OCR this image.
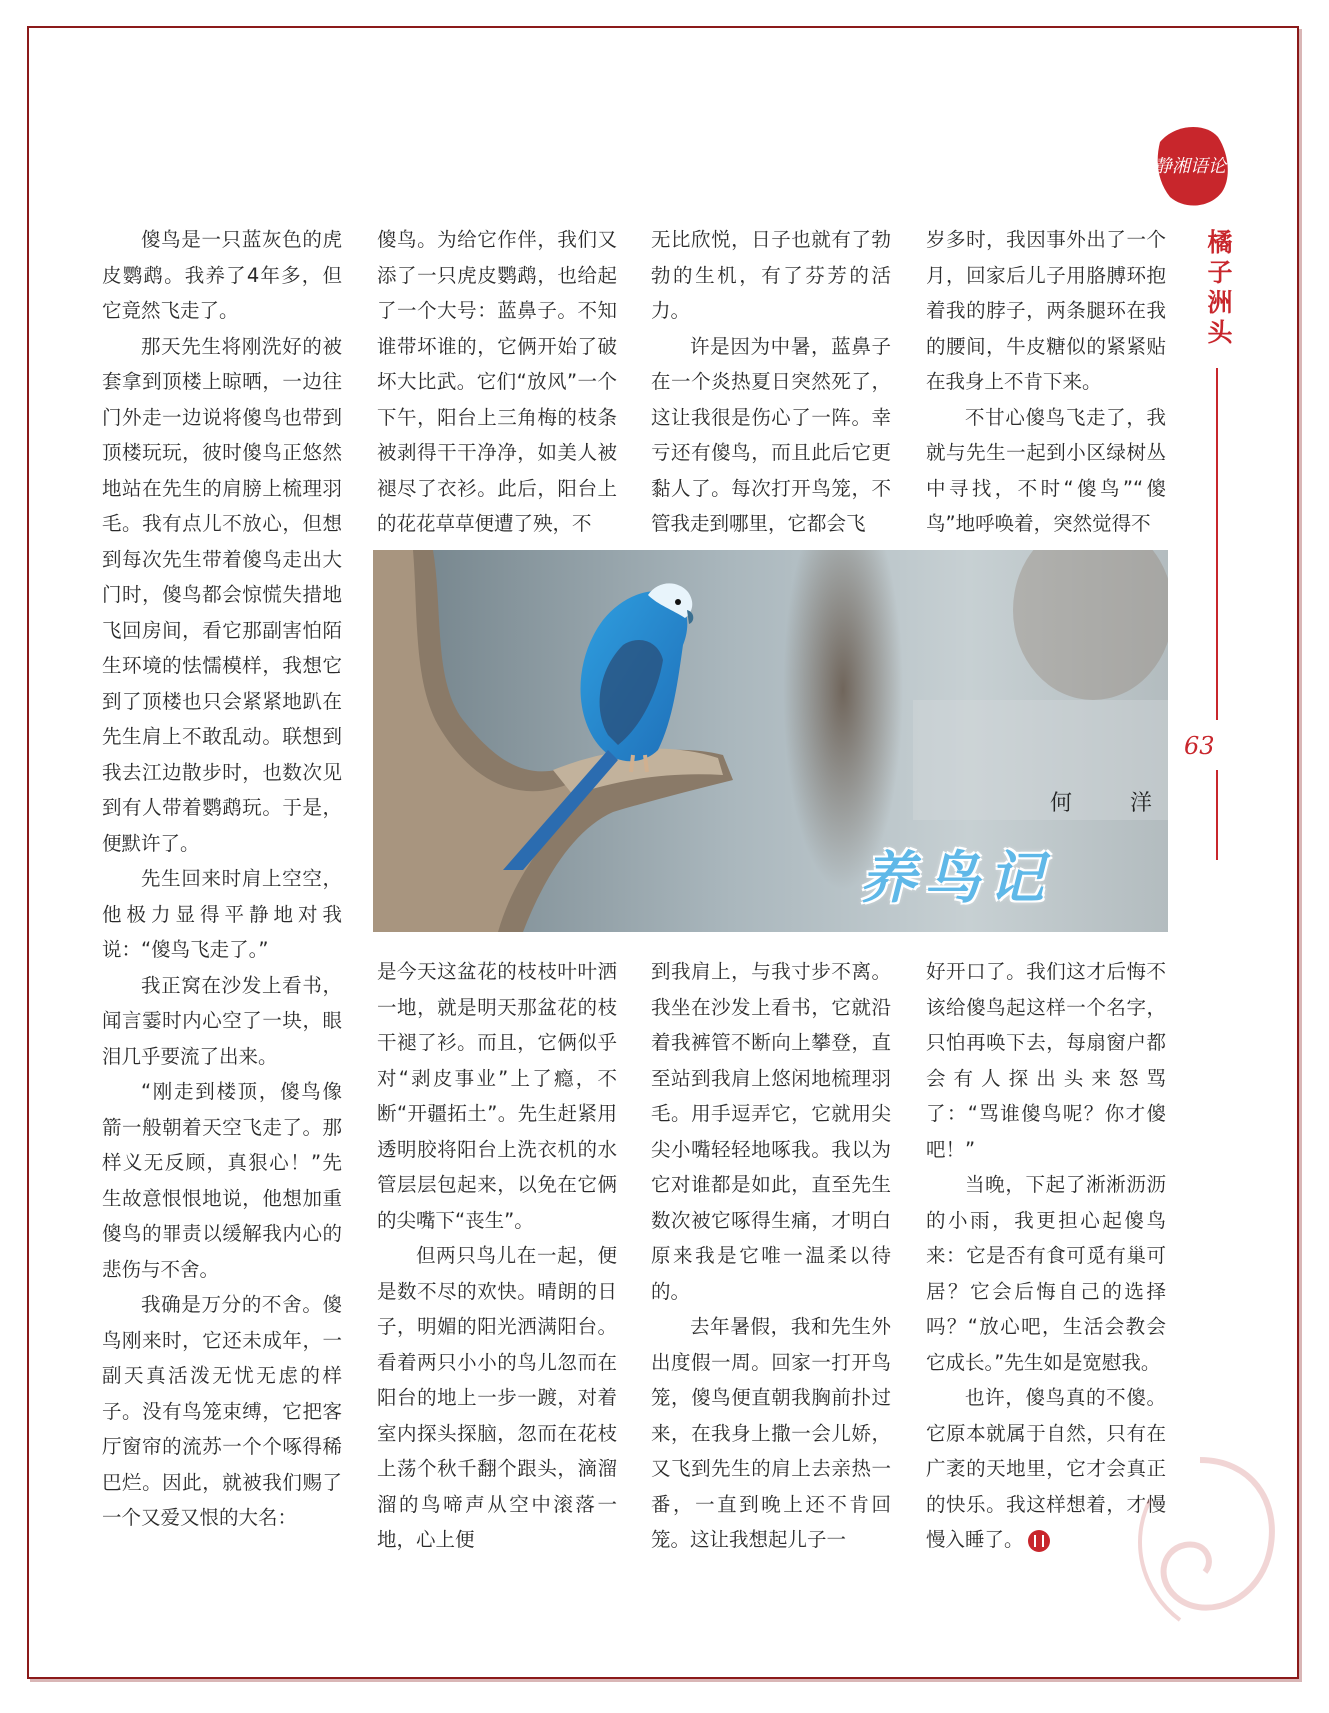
傻鸟是一只蓝灰色的虎皮鹦鹉。我养了4年多，但它竟然飞走了。

那天先生将刚洗好的被套拿到顶楼上晾晒，一边往门外走一边说将傻鸟也带到顶楼玩玩，彼时傻鸟正悠然地站在先生的肩膀上梳理羽毛。我有点儿不放心，但想到每次先生带着傻鸟走出大门时，傻鸟都会惊慌失措地飞回房间，看它那副害怕陌生环境的怯懦模样，我想它到了顶楼也只会紧紧地趴在先生肩上不敢乱动。联想到我去江边散步时，也数次见到有人带着鹦鹉玩。于是，便默许了。

先生回来时肩上空空，他极力显得平静地对我说：“傻鸟飞走了。”

我正窝在沙发上看书，闻言霎时内心空了一块，眼泪几乎要流了出来。

“刚走到楼顶，傻鸟像箭一般朝着天空飞走了。那样义无反顾，真狠心！”先生故意恨恨地说，他想加重傻鸟的罪责以缓解我内心的悲伤与不舍。

我确是万分的不舍。傻鸟刚来时，它还未成年，一副天真活泼无忧无虑的样子。没有鸟笼束缚，它把客厅窗帘的流苏一个个啄得稀巴烂。因此，就被我们赐了一个又爱又恨的大名：

傻鸟。为给它作伴，我们又添了一只虎皮鹦鹉，也给起了一个大号：蓝鼻子。不知谁带坏谁的，它俩开始了破坏大比武。它们“放风”一个下午，阳台上三角梅的枝条被剥得干干净净，如美人被褪尽了衣衫。此后，阳台上的花花草草便遭了殃，不

是今天这盆花的枝枝叶叶洒一地，就是明天那盆花的枝干褪了衫。而且，它俩似乎对“剥皮事业”上了瘾，不断“开疆拓土”。先生赶紧用透明胶将阳台上洗衣机的水管层层包起来，以免在它俩的尖嘴下“丧生”。

但两只鸟儿在一起，便是数不尽的欢快。晴朗的日子，明媚的阳光洒满阳台。看着两只小小的鸟儿忽而在阳台的地上一步一踱，对着室内探头探脑，忽而在花枝上荡个秋千翻个跟头，滴溜溜的鸟啼声从空中滚落一地，心上便

无比欣悦，日子也就有了勃勃的生机，有了芬芳的活力。

许是因为中暑，蓝鼻子在一个炎热夏日突然死了，这让我很是伤心了一阵。幸亏还有傻鸟，而且此后它更黏人了。每次打开鸟笼，不管我走到哪里，它都会飞

到我肩上，与我寸步不离。我坐在沙发上看书，它就沿着我裤管不断向上攀登，直至站到我肩上悠闲地梳理羽毛。用手逗弄它，它就用尖尖小嘴轻轻地啄我。我以为它对谁都是如此，直至先生数次被它啄得生痛，才明白原来我是它唯一温柔以待的。

去年暑假，我和先生外出度假一周。回家一打开鸟笼，傻鸟便直朝我胸前扑过来，在我身上撒一会儿娇，又飞到先生的肩上去亲热一番，一直到晚上还不肯回笼。这让我想起儿子一

岁多时，我因事外出了一个月，回家后儿子用胳膊环抱着我的脖子，两条腿环在我的腰间，牛皮糖似的紧紧贴在我身上不肯下来。

不甘心傻鸟飞走了，我就与先生一起到小区绿树丛中寻找，不时“傻鸟”“傻鸟”地呼唤着，突然觉得不

好开口了。我们这才后悔不该给傻鸟起这样一个名字，只怕再唤下去，每扇窗户都会有人探出头来怒骂了：“骂谁傻鸟呢？你才傻吧！”

当晚，下起了淅淅沥沥的小雨，我更担心起傻鸟来：它是否有食可觅有巢可居？它会后悔自己的选择吗？“放心吧，生活会教会它成长。”先生如是宽慰我。

也许，傻鸟真的不傻。它原本就属于自然，只有在广袤的天地里，它才会真正的快乐。我这样想着，才慢慢入睡了。

何　洋
养鸟记
静湘语论
橘子洲头
63
